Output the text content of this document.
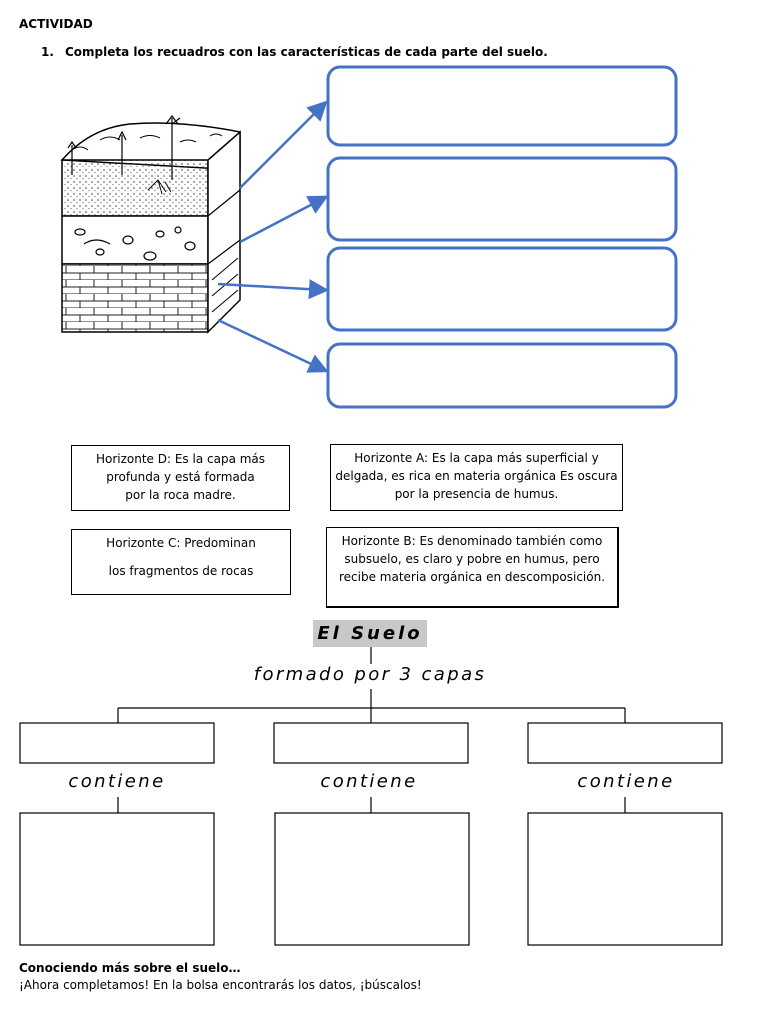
ACTIVIDAD
1. Completa los recuadros con las características de cada parte del suelo.
Horizonte D: Es la capa más
profunda y está formada
por la roca madre.
Horizonte A: Es la capa más superficial y
delgada, es rica en materia orgánica Es oscura
por la presencia de humus.
Horizonte C: Predominan
los fragmentos de rocas
Horizonte B: Es denominado también como
subsuelo, es claro y pobre en humus, pero
recibe materia orgánica en descomposición.
El Suelo
formado por 3 capas
contiene	contiene	contiene
Conociendo más sobre el suelo…
¡Ahora completamos! En la bolsa encontrarás los datos, ¡búscalos!
